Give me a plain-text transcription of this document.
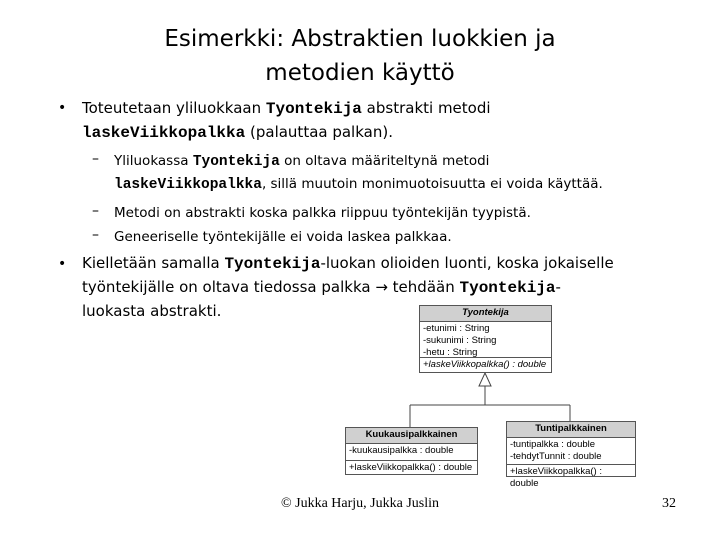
Esimerkki: Abstraktien luokkien ja
metodien käyttö
• Toteutetaan yliluokkaan Tyontekija abstrakti metodi
laskeViikkopalkka (palauttaa palkan).
– Yliluokassa Tyontekija on oltava määriteltynä metodi
laskeViikkopalkka, sillä muutoin monimuotoisuutta ei voida käyttää.
– Metodi on abstrakti koska palkka riippuu työntekijän tyypistä.
– Geneeriselle työntekijälle ei voida laskea palkkaa.
• Kielletään samalla Tyontekija-luokan olioiden luonti, koska jokaiselle
työntekijälle on oltava tiedossa palkka → tehdään Tyontekija-
luokasta abstrakti.	Tyontekija
-etunimi : String
-sukunimi : String
-hetu : String
+laskeViikkopalkka() : double
Kuukausipalkkainen
-kuukausipalkka : double
+laskeViikkopalkka() : double
Tuntipalkkainen
-tuntipalkka : double
-tehdytTunnit : double
+laskeViikkopalkka() : double
© Jukka Harju, Jukka Juslin	32
